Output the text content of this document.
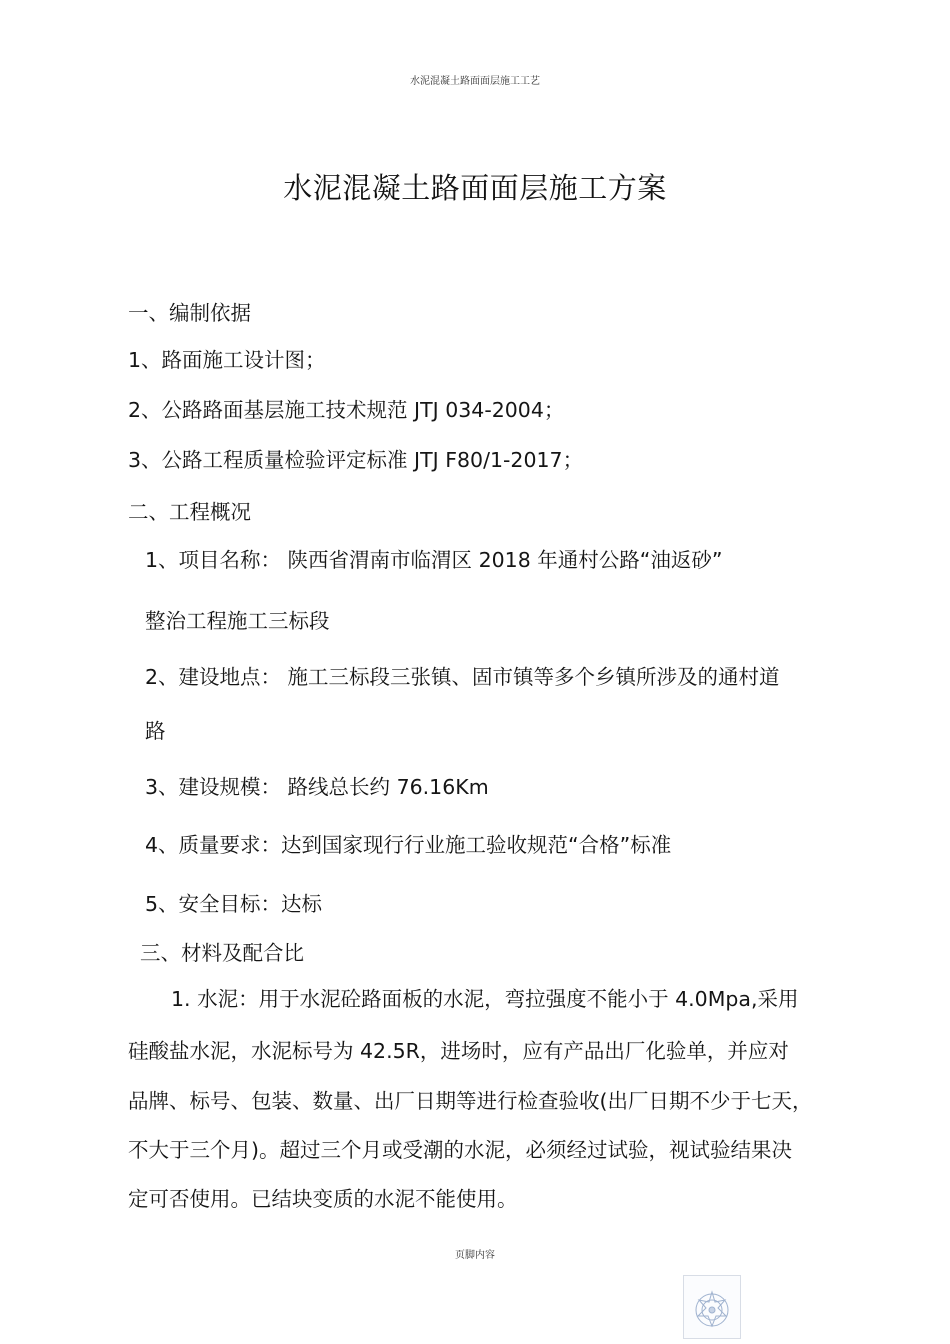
水泥混凝土路面面层施工工艺
水泥混凝土路面面层施工方案
一、编制依据
1、路面施工设计图；
2、公路路面基层施工技术规范 JTJ 034-2004；
3、公路工程质量检验评定标准 JTJ F80/1-2017；
二、工程概况
1、项目名称： 陕西省渭南市临渭区 2018 年通村公路“油返砂”
整治工程施工三标段
2、建设地点： 施工三标段三张镇、固市镇等多个乡镇所涉及的通村道
路
3、建设规模： 路线总长约 76.16Km
4、质量要求：达到国家现行行业施工验收规范“合格”标准
5、安全目标：达标
三、材料及配合比
1. 水泥：用于水泥砼路面板的水泥，弯拉强度不能小于 4.0Mpa,采用
硅酸盐水泥，水泥标号为 42.5R，进场时，应有产品出厂化验单，并应对
品牌、标号、包装、数量、出厂日期等进行检查验收(出厂日期不少于七天，
不大于三个月)。超过三个月或受潮的水泥，必须经过试验，视试验结果决
定可否使用。已结块变质的水泥不能使用。
页脚内容
